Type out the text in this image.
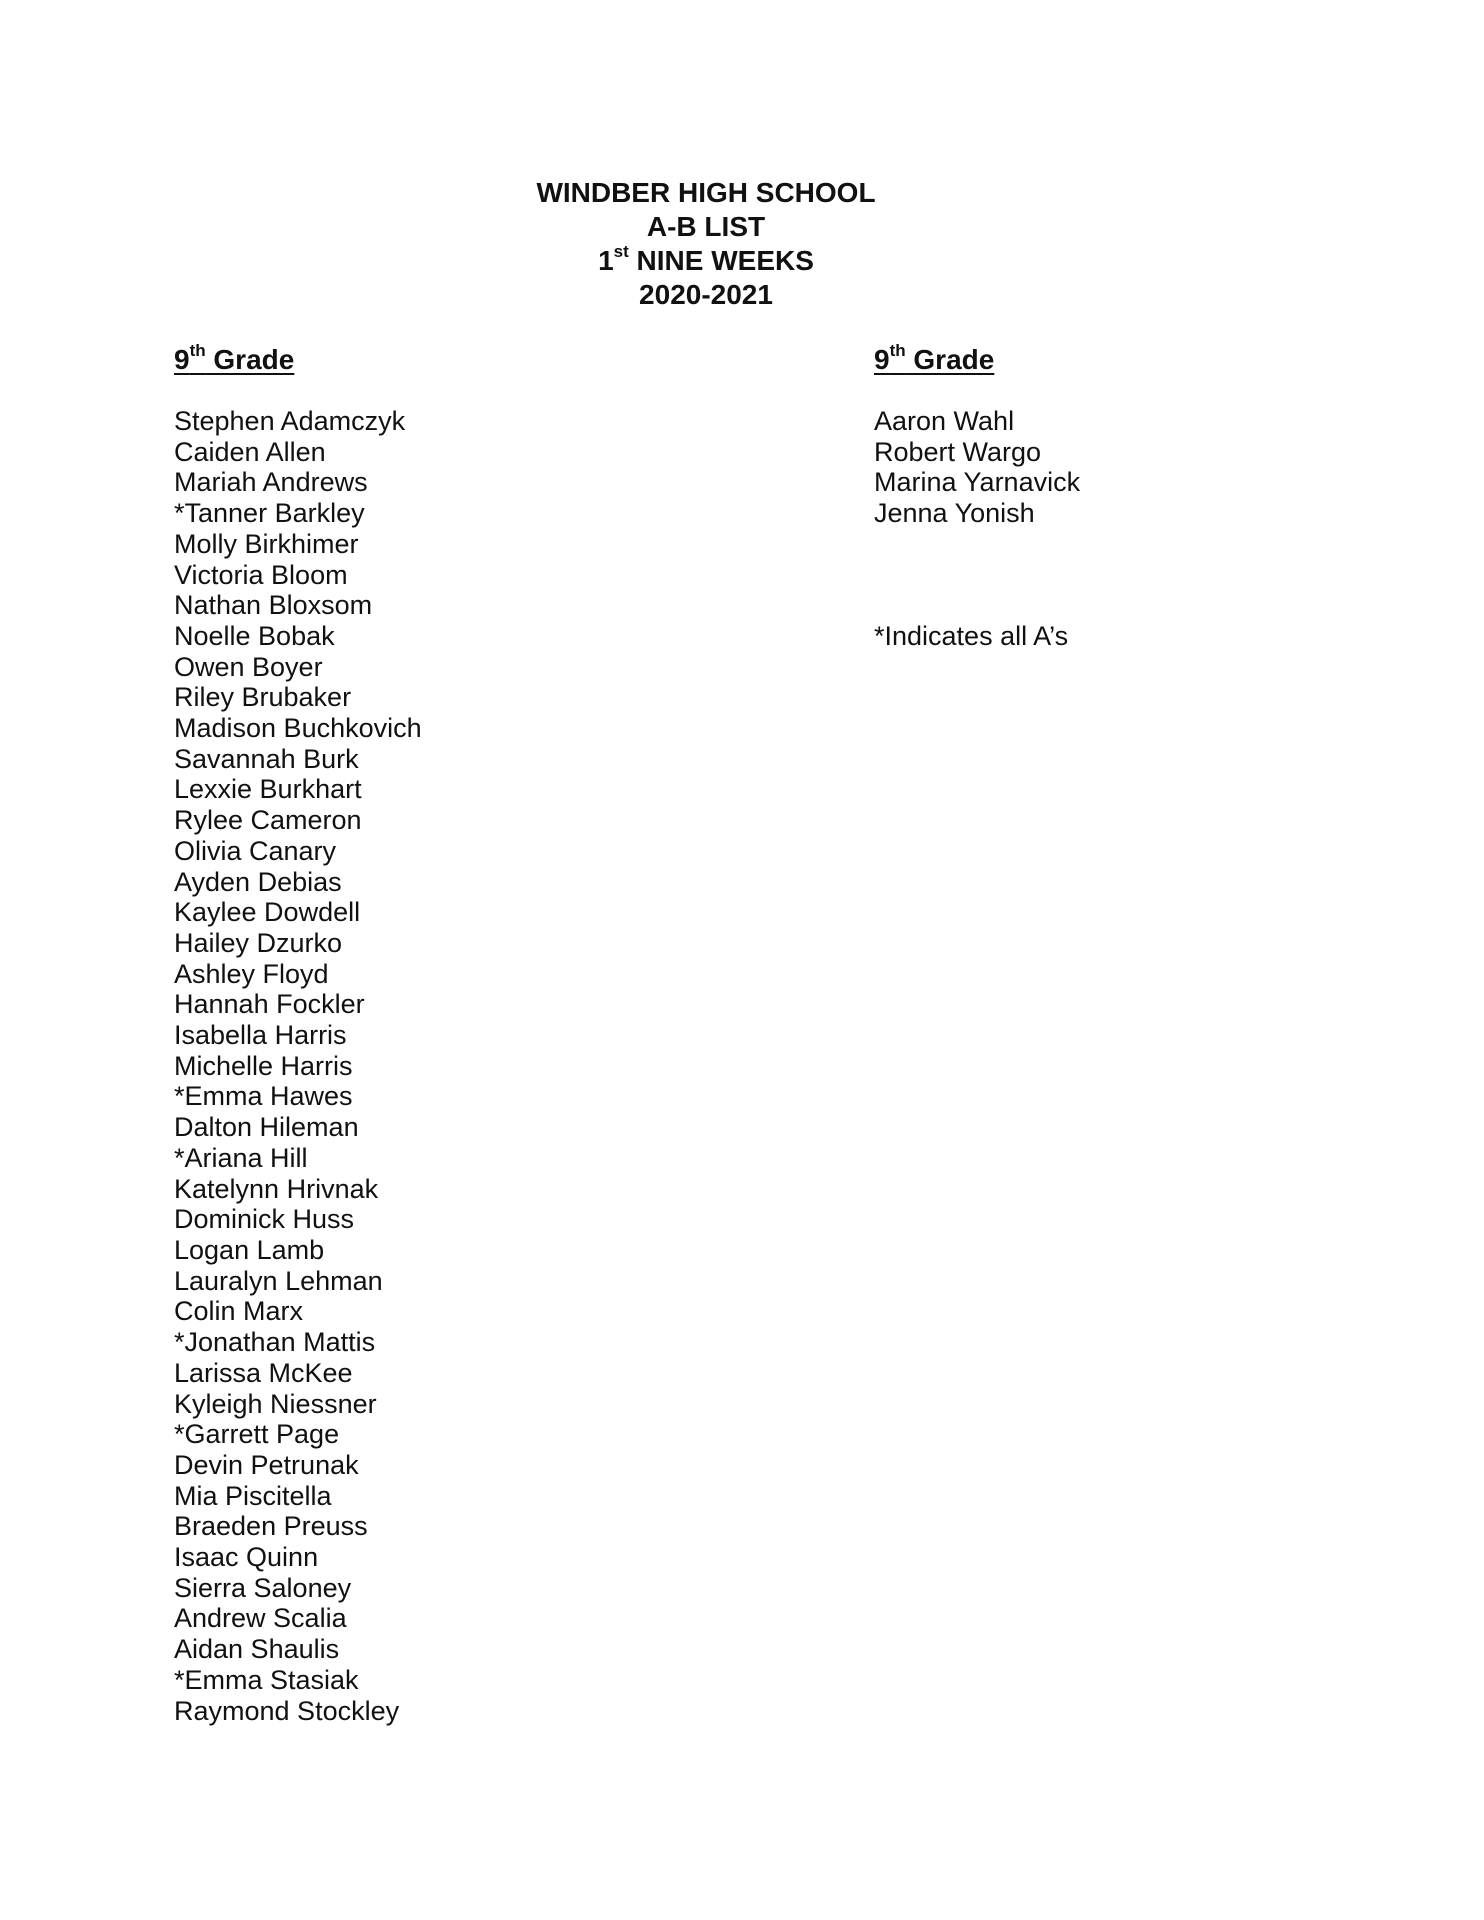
WINDBER HIGH SCHOOL
A-B LIST
1st NINE WEEKS
2020-2021
9th Grade
Stephen Adamczyk
Caiden Allen
Mariah Andrews
*Tanner Barkley
Molly Birkhimer
Victoria Bloom
Nathan Bloxsom
Noelle Bobak
Owen Boyer
Riley Brubaker
Madison Buchkovich
Savannah Burk
Lexxie Burkhart
Rylee Cameron
Olivia Canary
Ayden Debias
Kaylee Dowdell
Hailey Dzurko
Ashley Floyd
Hannah Fockler
Isabella Harris
Michelle Harris
*Emma Hawes
Dalton Hileman
*Ariana Hill
Katelynn Hrivnak
Dominick Huss
Logan Lamb
Lauralyn Lehman
Colin Marx
*Jonathan Mattis
Larissa McKee
Kyleigh Niessner
*Garrett Page
Devin Petrunak
Mia Piscitella
Braeden Preuss
Isaac Quinn
Sierra Saloney
Andrew Scalia
Aidan Shaulis
*Emma Stasiak
Raymond Stockley
9th Grade
Aaron Wahl
Robert Wargo
Marina Yarnavick
Jenna Yonish
*Indicates all A’s
